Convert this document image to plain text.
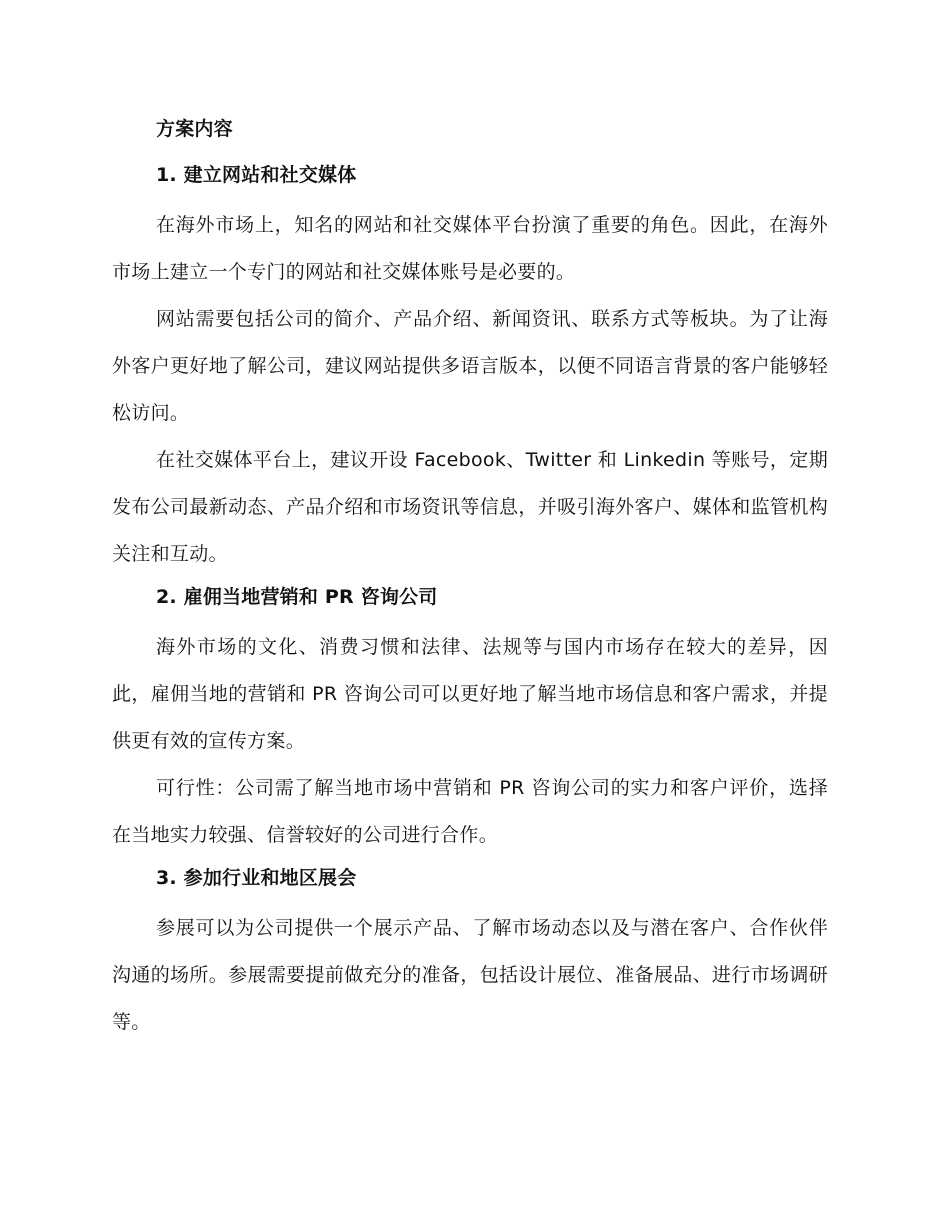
方案内容
1. 建立网站和社交媒体

在海外市场上，知名的网站和社交媒体平台扮演了重要的角色。因此，在海外市场上建立一个专门的网站和社交媒体账号是必要的。

网站需要包括公司的简介、产品介绍、新闻资讯、联系方式等板块。为了让海外客户更好地了解公司，建议网站提供多语言版本，以便不同语言背景的客户能够轻松访问。

在社交媒体平台上，建议开设 Facebook、Twitter 和 Linkedin 等账号，定期发布公司最新动态、产品介绍和市场资讯等信息，并吸引海外客户、媒体和监管机构关注和互动。

2. 雇佣当地营销和 PR 咨询公司

海外市场的文化、消费习惯和法律、法规等与国内市场存在较大的差异，因此，雇佣当地的营销和 PR 咨询公司可以更好地了解当地市场信息和客户需求，并提供更有效的宣传方案。

可行性：公司需了解当地市场中营销和 PR 咨询公司的实力和客户评价，选择在当地实力较强、信誉较好的公司进行合作。

3. 参加行业和地区展会

参展可以为公司提供一个展示产品、了解市场动态以及与潜在客户、合作伙伴沟通的场所。参展需要提前做充分的准备，包括设计展位、准备展品、进行市场调研等。
